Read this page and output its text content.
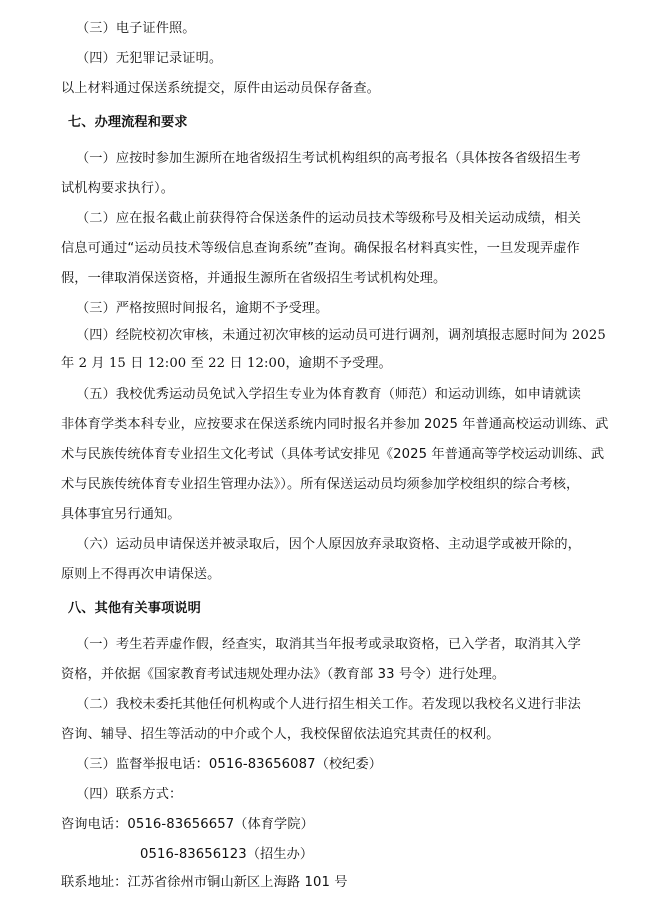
（三）电子证件照。
（四）无犯罪记录证明。
以上材料通过保送系统提交，原件由运动员保存备查。
七、办理流程和要求
（一）应按时参加生源所在地省级招生考试机构组织的高考报名（具体按各省级招生考
试机构要求执行）。
（二）应在报名截止前获得符合保送条件的运动员技术等级称号及相关运动成绩，相关
信息可通过“运动员技术等级信息查询系统”查询。确保报名材料真实性，一旦发现弄虚作
假，一律取消保送资格，并通报生源所在省级招生考试机构处理。
（三）严格按照时间报名，逾期不予受理。
（四）经院校初次审核，未通过初次审核的运动员可进行调剂，调剂填报志愿时间为 2025
年 2 月 15 日 12:00 至 22 日 12:00，逾期不予受理。
（五）我校优秀运动员免试入学招生专业为体育教育（师范）和运动训练，如申请就读
非体育学类本科专业，应按要求在保送系统内同时报名并参加 2025 年普通高校运动训练、武
术与民族传统体育专业招生文化考试（具体考试安排见《2025 年普通高等学校运动训练、武
术与民族传统体育专业招生管理办法》）。所有保送运动员均须参加学校组织的综合考核，
具体事宜另行通知。
（六）运动员申请保送并被录取后，因个人原因放弃录取资格、主动退学或被开除的，
原则上不得再次申请保送。
八、其他有关事项说明
（一）考生若弄虚作假，经查实，取消其当年报考或录取资格，已入学者，取消其入学
资格，并依据《国家教育考试违规处理办法》（教育部 33 号令）进行处理。
（二）我校未委托其他任何机构或个人进行招生相关工作。若发现以我校名义进行非法
咨询、辅导、招生等活动的中介或个人，我校保留依法追究其责任的权利。
（三）监督举报电话：0516-83656087（校纪委）
（四）联系方式：
咨询电话：0516-83656657（体育学院）
0516-83656123（招生办）
联系地址：江苏省徐州市铜山新区上海路 101 号
